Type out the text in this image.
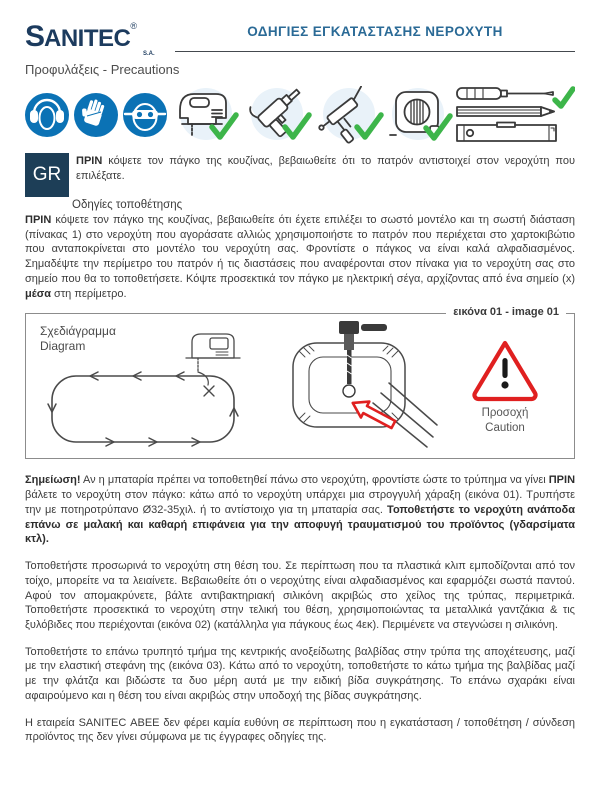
SANITEC®
S.A.
ΟΔΗΓΙΕΣ ΕΓΚΑΤΑΣΤΑΣΗΣ ΝΕΡΟΧΥΤΗ
Προφυλάξεις - Precautions
GR
ΠΡΙΝ κόψετε τον πάγκο της κουζίνας, βεβαιωθείτε ότι το πατρόν αντιστοιχεί στον νεροχύτη που επιλέξατε.
Οδηγίες τοποθέτησης

ΠΡΙΝ κόψετε τον πάγκο της κουζίνας, βεβαιωθείτε ότι έχετε επιλέξει το σωστό μοντέλο και τη σωστή διάσταση (πίνακας 1) στο νεροχύτη που αγοράσατε αλλιώς χρησιμοποιήστε το πατρόν που περιέχεται στο χαρτοκιβώτιο που ανταποκρίνεται στο μοντέλο του νεροχύτη σας. Φροντίστε ο πάγκος να είναι καλά αλφαδιασμένος. Σημαδέψτε την περίμετρο του πατρόν ή τις διαστάσεις που αναφέρονται στον πίνακα για το νεροχύτη σας στο σημείο που θα το τοποθετήσετε. Κόψτε προσεκτικά τον πάγκο με ηλεκτρική σέγα, αρχίζοντας από ένα σημείο (x) μέσα στη περίμετρο.

εικόνα 01 - image 01
Σχεδιάγραμμα
Diagram
Προσοχή
Caution

Σημείωση! Αν η μπαταρία πρέπει να τοποθετηθεί πάνω στο νεροχύτη, φροντίστε ώστε το τρύπημα να γίνει ΠΡΙΝ βάλετε το νεροχύτη στον πάγκο: κάτω από το νεροχύτη υπάρχει μια στρογγυλή χάραξη (εικόνα 01). Τρυπήστε την με ποτηροτρύπανο Ø32-35χιλ. ή το αντίστοιχο για τη μπαταρία σας. Τοποθετήστε το νεροχύτη ανάποδα επάνω σε μαλακή και καθαρή επιφάνεια για την αποφυγή τραυματισμού του προϊόντος (γδαρσίματα κτλ).

Τοποθετήστε προσωρινά το νεροχύτη στη θέση του. Σε περίπτωση που τα πλαστικά κλιπ εμποδίζονται από τον τοίχο, μπορείτε να τα λειαίνετε. Βεβαιωθείτε ότι ο νεροχύτης είναι αλφαδιασμένος και εφαρμόζει σωστά παντού. Αφού τον απομακρύνετε, βάλτε αντιβακτηριακή σιλικόνη ακριβώς στο χείλος της τρύπας, περιμετρικά. Τοποθετήστε προσεκτικά το νεροχύτη στην τελική του θέση, χρησιμοποιώντας τα μεταλλικά γαντζάκια & τις ξυλόβιδες που περιέχονται (εικόνα 02) (κατάλληλα για πάγκους έως 4εκ). Περιμένετε να στεγνώσει η σιλικόνη.

Τοποθετήστε το επάνω τρυπητό τμήμα της κεντρικής ανοξείδωτης βαλβίδας στην τρύπα της αποχέτευσης, μαζί με την ελαστική στεφάνη της (εικόνα 03). Κάτω από το νεροχύτη, τοποθετήστε το κάτω τμήμα της βαλβίδας μαζί με την φλάτζα και βιδώστε τα δυο μέρη αυτά με την ειδική βίδα συγκράτησης. Το επάνω σχαράκι είναι αφαιρούμενο και η θέση του είναι ακριβώς στην υποδοχή της βίδας συγκράτησης.

Η εταιρεία SANITEC ΑΒΕΕ δεν φέρει καμία ευθύνη σε περίπτωση που η εγκατάσταση / τοποθέτηση / σύνδεση προϊόντος της δεν γίνει σύμφωνα με τις έγγραφες οδηγίες της.
